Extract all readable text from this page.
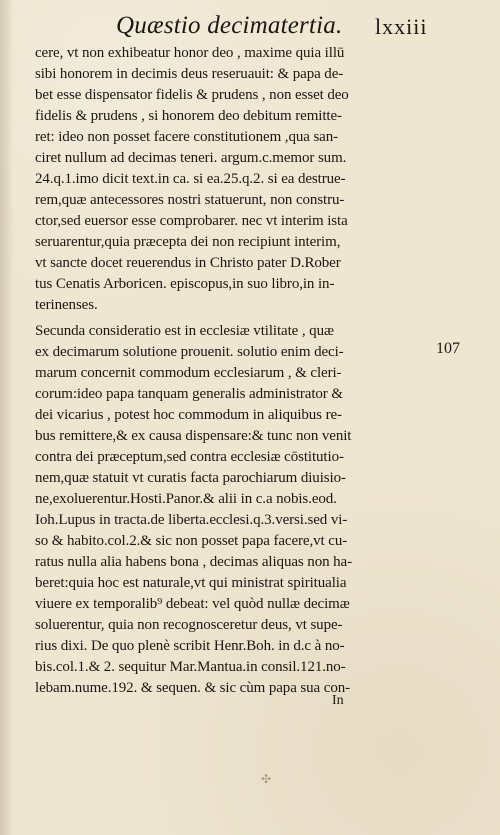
Quæstio decimatertia. lxxiii
cere, vt non exhibeatur honor deo , maxime quia illū
sibi honorem in decimis deus reseruauit: & papa de-
bet esse dispensator fidelis & prudens , non esset deo
fidelis & prudens , si honorem deo debitum remitte-
ret: ideo non posset facere constitutionem ,qua san-
ciret nullum ad decimas teneri. argum.c.memor sum.
24.q.1.imo dicit text.in ca. si ea.25.q.2. si ea destrue-
rem,quæ antecessores nostri statuerunt, non constru-
ctor,sed euersor esse comprobarer. nec vt interim ista
seruarentur,quia præcepta dei non recipiunt interim,
vt sancte docet reuerendus in Christo pater D.Rober
tus Cenatis Arboricen. episcopus,in suo libro,in in-
terinenses.
Secunda consideratio est in ecclesiæ vtilitate , quæ
ex decimarum solutione prouenit. solutio enim deci-
marum concernit commodum ecclesiarum , & cleri-
corum:ideo papa tanquam generalis administrator &
dei vicarius , potest hoc commodum in aliquibus re-
bus remittere,& ex causa dispensare:& tunc non venit
contra dei præceptum,sed contra ecclesiæ cōstitutio-
nem,quæ statuit vt curatis facta parochiarum diuisio-
ne,exoluerentur.Hosti.Panor.& alii in c.a nobis.eod.
Ioh.Lupus in tracta.de liberta.ecclesi.q.3.versi.sed vi-
so & habito.col.2.& sic non posset papa facere,vt cu-
ratus nulla alia habens bona , decimas aliquas non ha-
beret:quia hoc est naturale,vt qui ministrat spiritualia
viuere ex temporalib⁹ debeat: vel quòd nullæ decimæ
soluerentur, quia non recognosceretur deus, vt supe-
rius dixi. De quo plenè scribit Henr.Boh. in d.c à no-
bis.col.1.& 2. sequitur Mar.Mantua.in consil.121.no-
lebam.nume.192. & sequen. & sic cùm papa sua con-
107
In
✣
